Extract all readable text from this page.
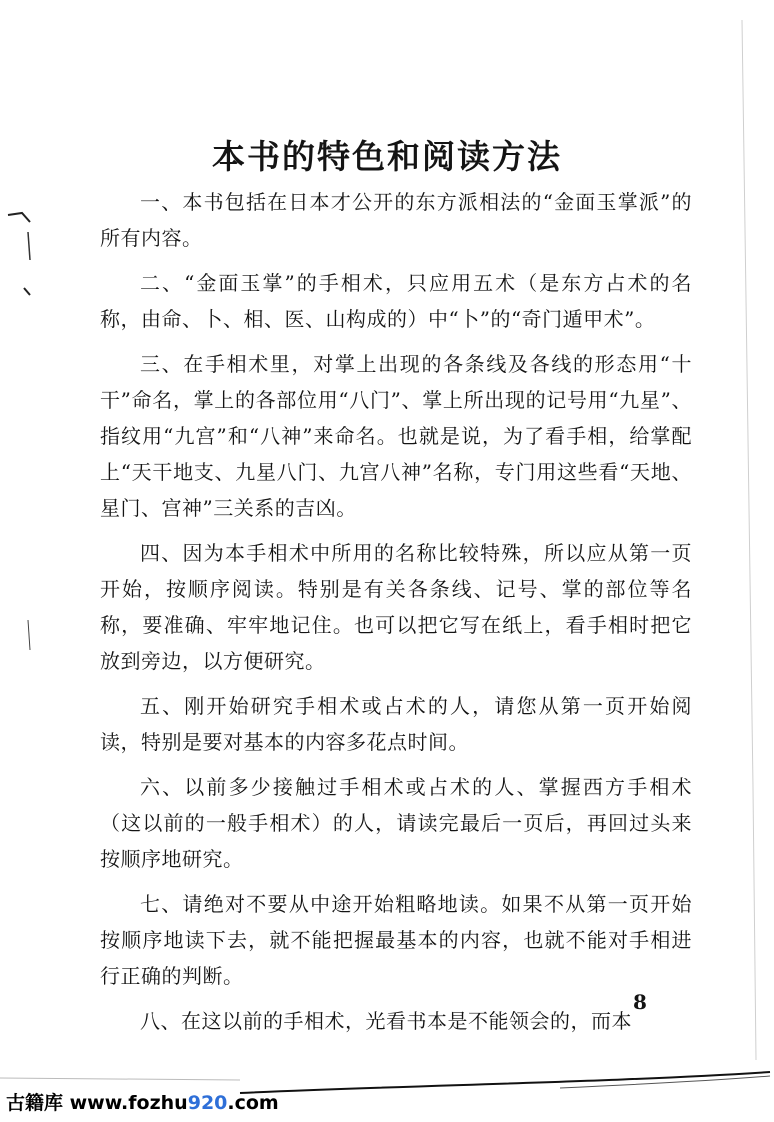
本书的特色和阅读方法

一、本书包括在日本才公开的东方派相法的“金面玉掌派”的所有内容。

二、“金面玉掌”的手相术，只应用五术（是东方占术的名称，由命、卜、相、医、山构成的）中“卜”的“奇门遁甲术”。

三、在手相术里，对掌上出现的各条线及各线的形态用“十干”命名，掌上的各部位用“八门”、掌上所出现的记号用“九星”、指纹用“九宫”和“八神”来命名。也就是说，为了看手相，给掌配上“天干地支、九星八门、九宫八神”名称，专门用这些看“天地、星门、宫神”三关系的吉凶。

四、因为本手相术中所用的名称比较特殊，所以应从第一页开始，按顺序阅读。特别是有关各条线、记号、掌的部位等名称，要准确、牢牢地记住。也可以把它写在纸上，看手相时把它放到旁边，以方便研究。

五、刚开始研究手相术或占术的人，请您从第一页开始阅读，特别是要对基本的内容多花点时间。

六、以前多少接触过手相术或占术的人、掌握西方手相术（这以前的一般手相术）的人，请读完最后一页后，再回过头来按顺序地研究。

七、请绝对不要从中途开始粗略地读。如果不从第一页开始按顺序地读下去，就不能把握最基本的内容，也就不能对手相进行正确的判断。

八、在这以前的手相术，光看书本是不能领会的，而本

8
古籍库 www.fozhu920.com
